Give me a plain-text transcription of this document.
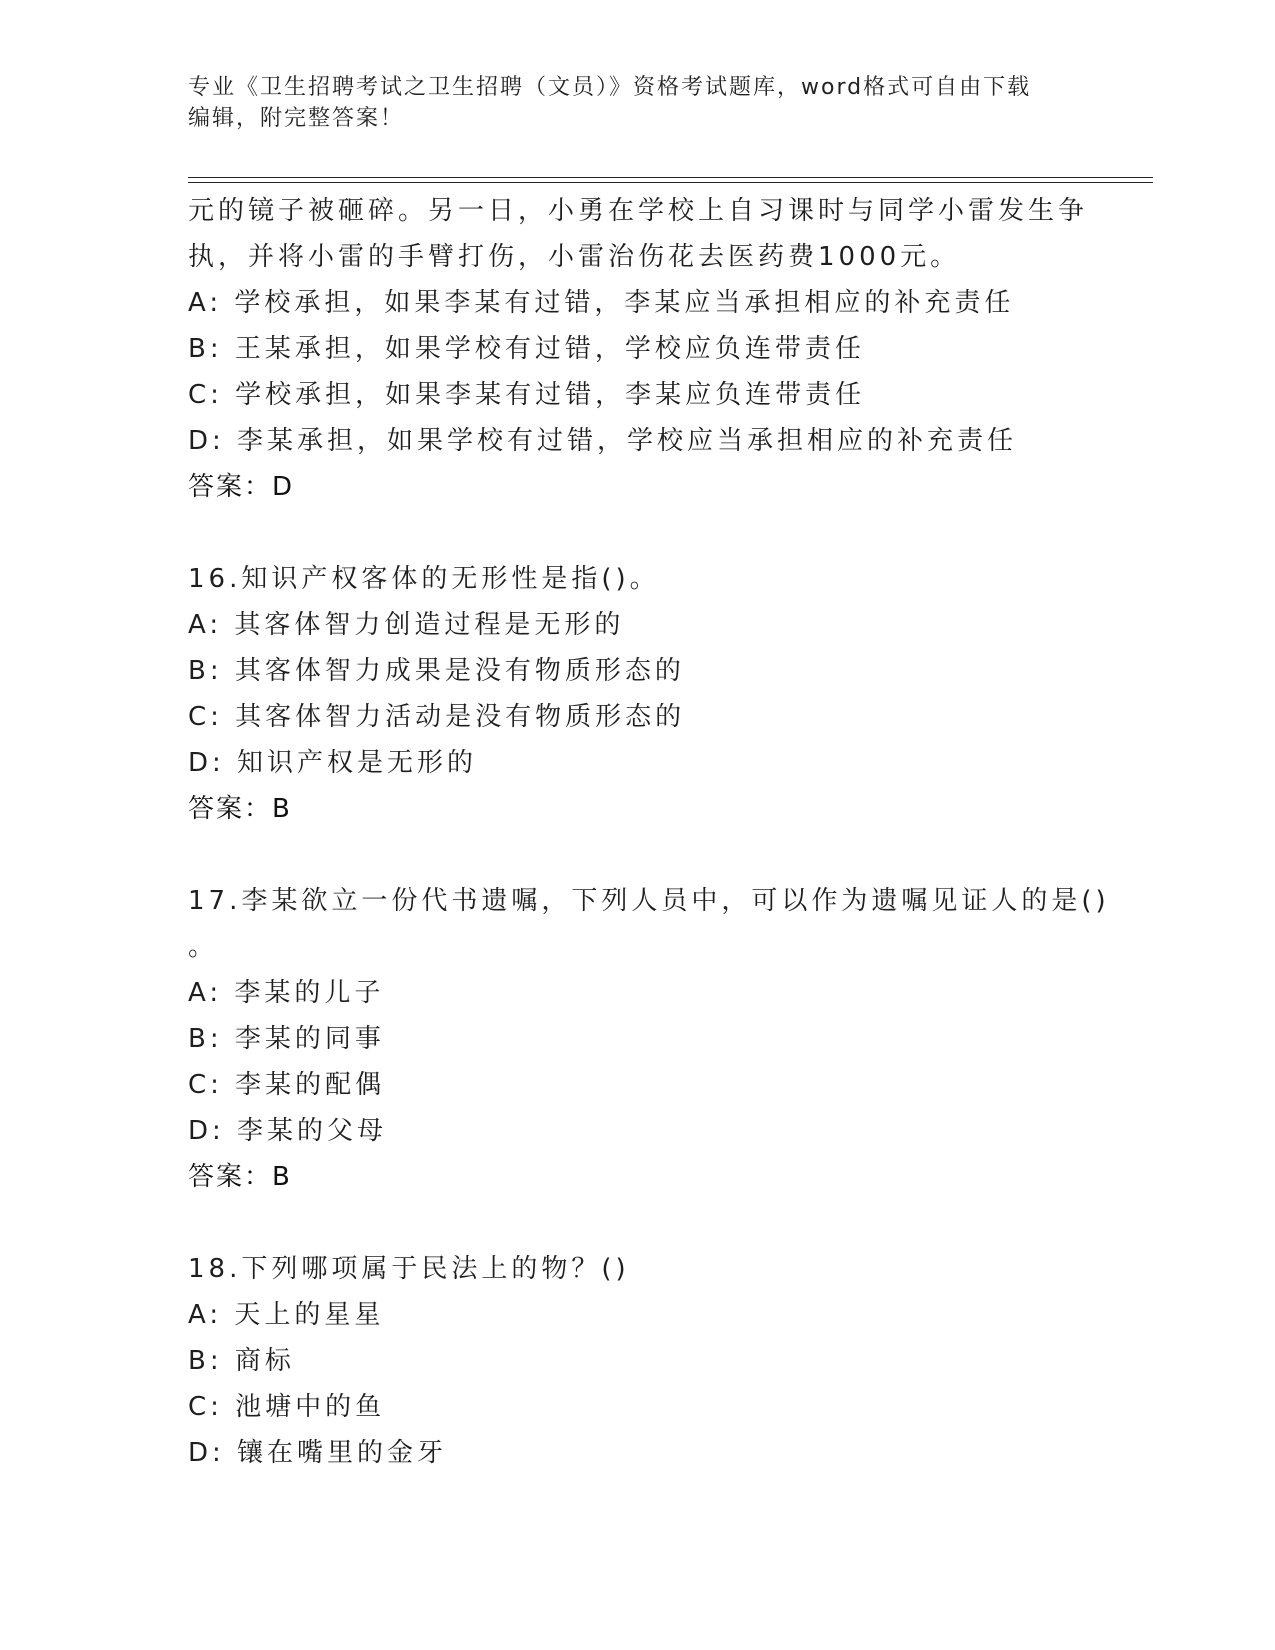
专业《卫生招聘考试之卫生招聘（文员）》资格考试题库，word格式可自由下载
编辑，附完整答案！
元的镜子被砸碎。另一日，小勇在学校上自习课时与同学小雷发生争
执，并将小雷的手臂打伤，小雷治伤花去医药费1000元。
A: 学校承担，如果李某有过错，李某应当承担相应的补充责任
B: 王某承担，如果学校有过错，学校应负连带责任
C: 学校承担，如果李某有过错，李某应负连带责任
D: 李某承担，如果学校有过错，学校应当承担相应的补充责任
答案：D
16.知识产权客体的无形性是指()。
A: 其客体智力创造过程是无形的
B: 其客体智力成果是没有物质形态的
C: 其客体智力活动是没有物质形态的
D: 知识产权是无形的
答案：B
17.李某欲立一份代书遗嘱，下列人员中，可以作为遗嘱见证人的是()
。
A: 李某的儿子
B: 李某的同事
C: 李某的配偶
D: 李某的父母
答案：B
18.下列哪项属于民法上的物？()
A: 天上的星星
B: 商标
C: 池塘中的鱼
D: 镶在嘴里的金牙
